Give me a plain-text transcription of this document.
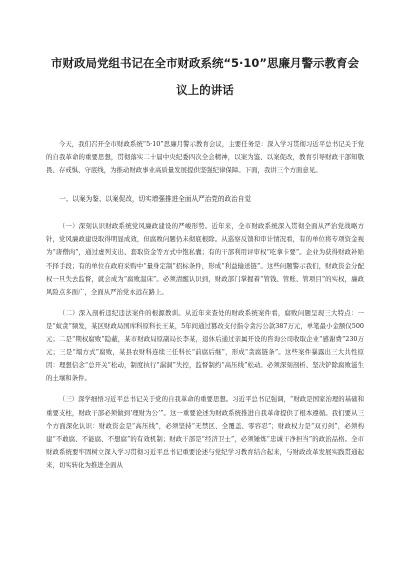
市财政局党组书记在全市财政系统“5·10”思廉月警示教育会
议上的讲话

今天，我们召开全市财政系统“5·10”思廉月警示教育会议，主要任务是：深入学习贯彻习近平总书记关于党的自我革命的重要思想，贯彻落实二十届中央纪委四次全会精神，以案为鉴、以案促改，教育引导财政干部知敬畏、存戒惧、守底线，为推动财政事业高质量发展提供坚强纪律保障。下面，我讲三个方面意见。

一、以案为鉴、以案促改，切实增强推进全面从严治党的政治自觉

（一）深刻认识财政系统党风廉政建设的严峻形势。近年来，全市财政系统深入贯彻全面从严治党战略方针，党风廉政建设取得明显成效，但腐败问题仍未彻底根除。从巡察反馈和审计情况看，有的单位将专项资金视为“唐僧肉”，通过虚列支出、套取资金等方式中饱私囊；有的干部利用评审权“吃拿卡要”。企业为获得财政补贴不择手段；有的单位在政府采购中“量身定制”招标条件，形成“利益输送链”。这些问题警示我们，财政资金分配权一旦失去监督，就会成为“腐败温床”。必须清醒认识到，财政部门掌握着“管钱、管账、管项目”的实权，廉政风险点多面广，全面从严治党永远在路上。

（二）深入剖析违纪违法案件的根源教训。从近年来查处的财政系统案件看，腐败问题呈现三大特点：一是“蚁贪”频发，某区财政局国库科原科长王某，5年间通过篡改支付指令贪污公款387万元，单笔最小金额仅500元；二是“期权腐败”隐蔽，某市财政局原副局长李某，退休后通过亲属开设的咨询公司收取企业“感谢费”230万元；三是“塌方式”腐败，某县农财科连续三任科长“前腐后继”，形成“贪腐链条”。这些案件暴露出三大共性原因：理想信念“总开关”松动，制度执行“漏洞”失控，监督制约“高压线”松动。必须深刻剖析、坚决铲除腐败滋生的土壤和条件。

（三）深学细悟习近平总书记关于党的自我革命的重要思想。习近平总书记强调，“财政是国家治理的基础和重要支柱，财政干部必须做到‘理财为公’”。这一重要论述为财政系统推进自我革命提供了根本遵循。我们要从三个方面深化认识：财政资金是“高压线”，必须坚持“无禁区、全覆盖、零容忍”；财政权力是“双刃剑”，必须构建“不敢腐、不能腐、不想腐”的有效机制；财政干部是“经济卫士”，必须锤炼“忠诚干净担当”的政治品格。全市财政系统要牢固树立深入学习贯彻习近平总书记重要论述与党纪学习教育结合起来，与财政改革发展实践贯通起来，切实转化为推进全面从
